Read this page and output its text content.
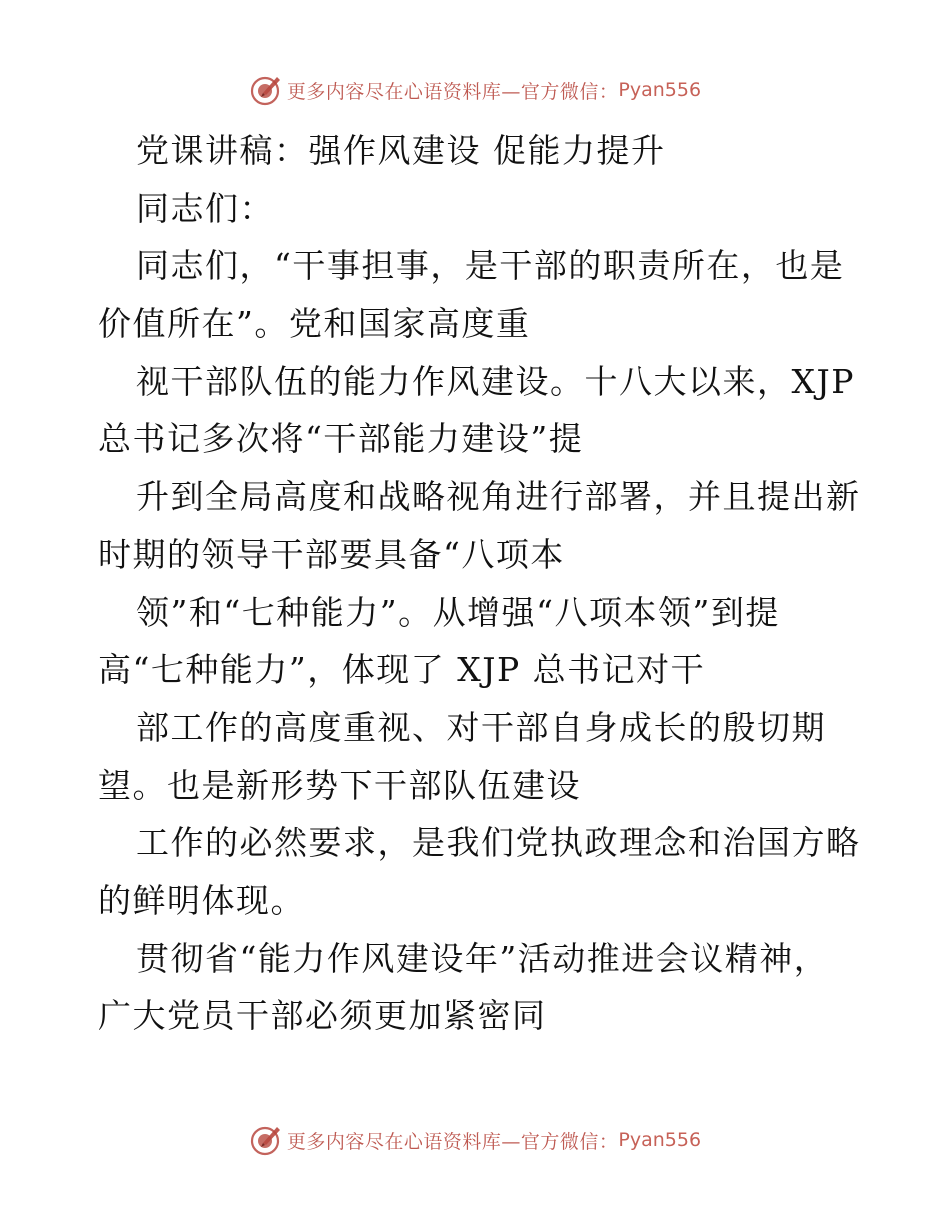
更多内容尽在心语资料库—官方微信： Pyan556
党课讲稿：强作风建设 促能力提升
同志们：
同志们，“干事担事，是干部的职责所在，也是
价值所在”。党和国家高度重
视干部队伍的能力作风建设。十八大以来，XJP
总书记多次将“干部能力建设”提
升到全局高度和战略视角进行部署，并且提出新
时期的领导干部要具备“八项本
领”和“七种能力”。从增强“八项本领”到提
高“七种能力”，体现了 XJP 总书记对干
部工作的高度重视、对干部自身成长的殷切期
望。也是新形势下干部队伍建设
工作的必然要求，是我们党执政理念和治国方略
的鲜明体现。
贯彻省“能力作风建设年”活动推进会议精神，
广大党员干部必须更加紧密同
更多内容尽在心语资料库—官方微信： Pyan556
